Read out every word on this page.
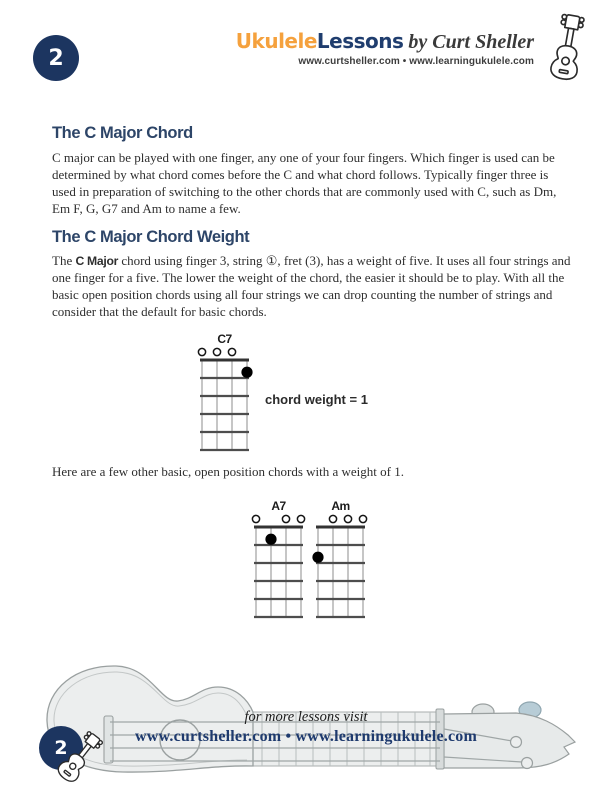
2
UkuleleLessons by Curt Sheller
www.curtsheller.com • www.learningukulele.com
The C Major Chord

C major can be played with one finger, any one of your four fingers. Which finger is used can be determined by what chord comes before the C and what chord follows. Typically finger three is used in preparation of switching to the other chords that are commonly used with C, such as Dm, Em F, G, G7 and Am to name a few.

The C Major Chord Weight

The C Major chord using finger 3, string ①, fret (3), has a weight of five. It uses all four strings and one finger for a five. The lower the weight of the chord, the easier it should be to play. With all the basic open position chords using all four strings we can drop counting the number of strings and consider that the default for basic chords.

C7
chord weight = 1

Here are a few other basic, open position chords with a weight of 1.

A7	Am
for more lessons visit
www.curtsheller.com • www.learningukulele.com
2
